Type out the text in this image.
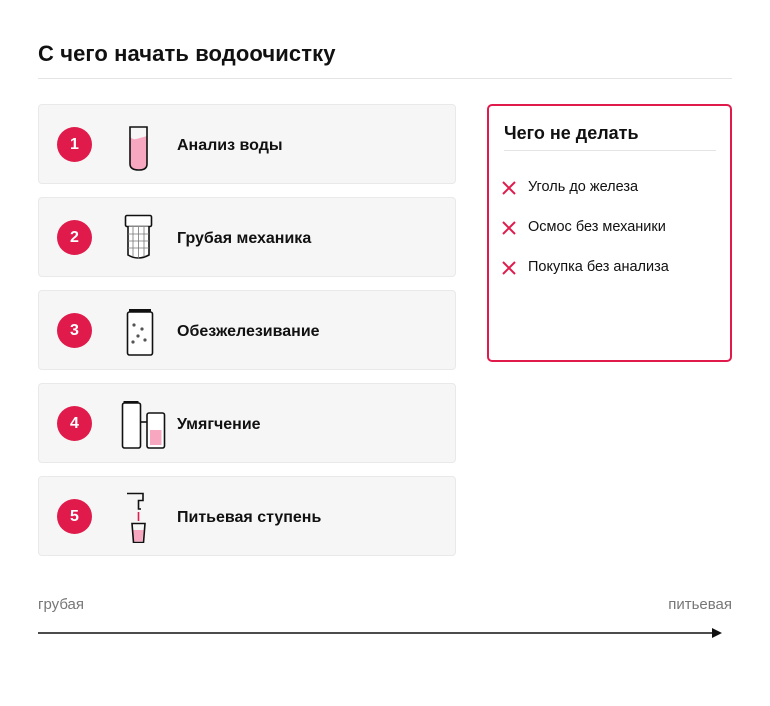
С чего начать водоочистку
1	Анализ воды
2	Грубая механика
3	Обезжелезивание
4	Умягчение
5	Питьевая ступень
Чего не делать
Уголь до железа
Осмос без механики
Покупка без анализа
грубая	питьевая
